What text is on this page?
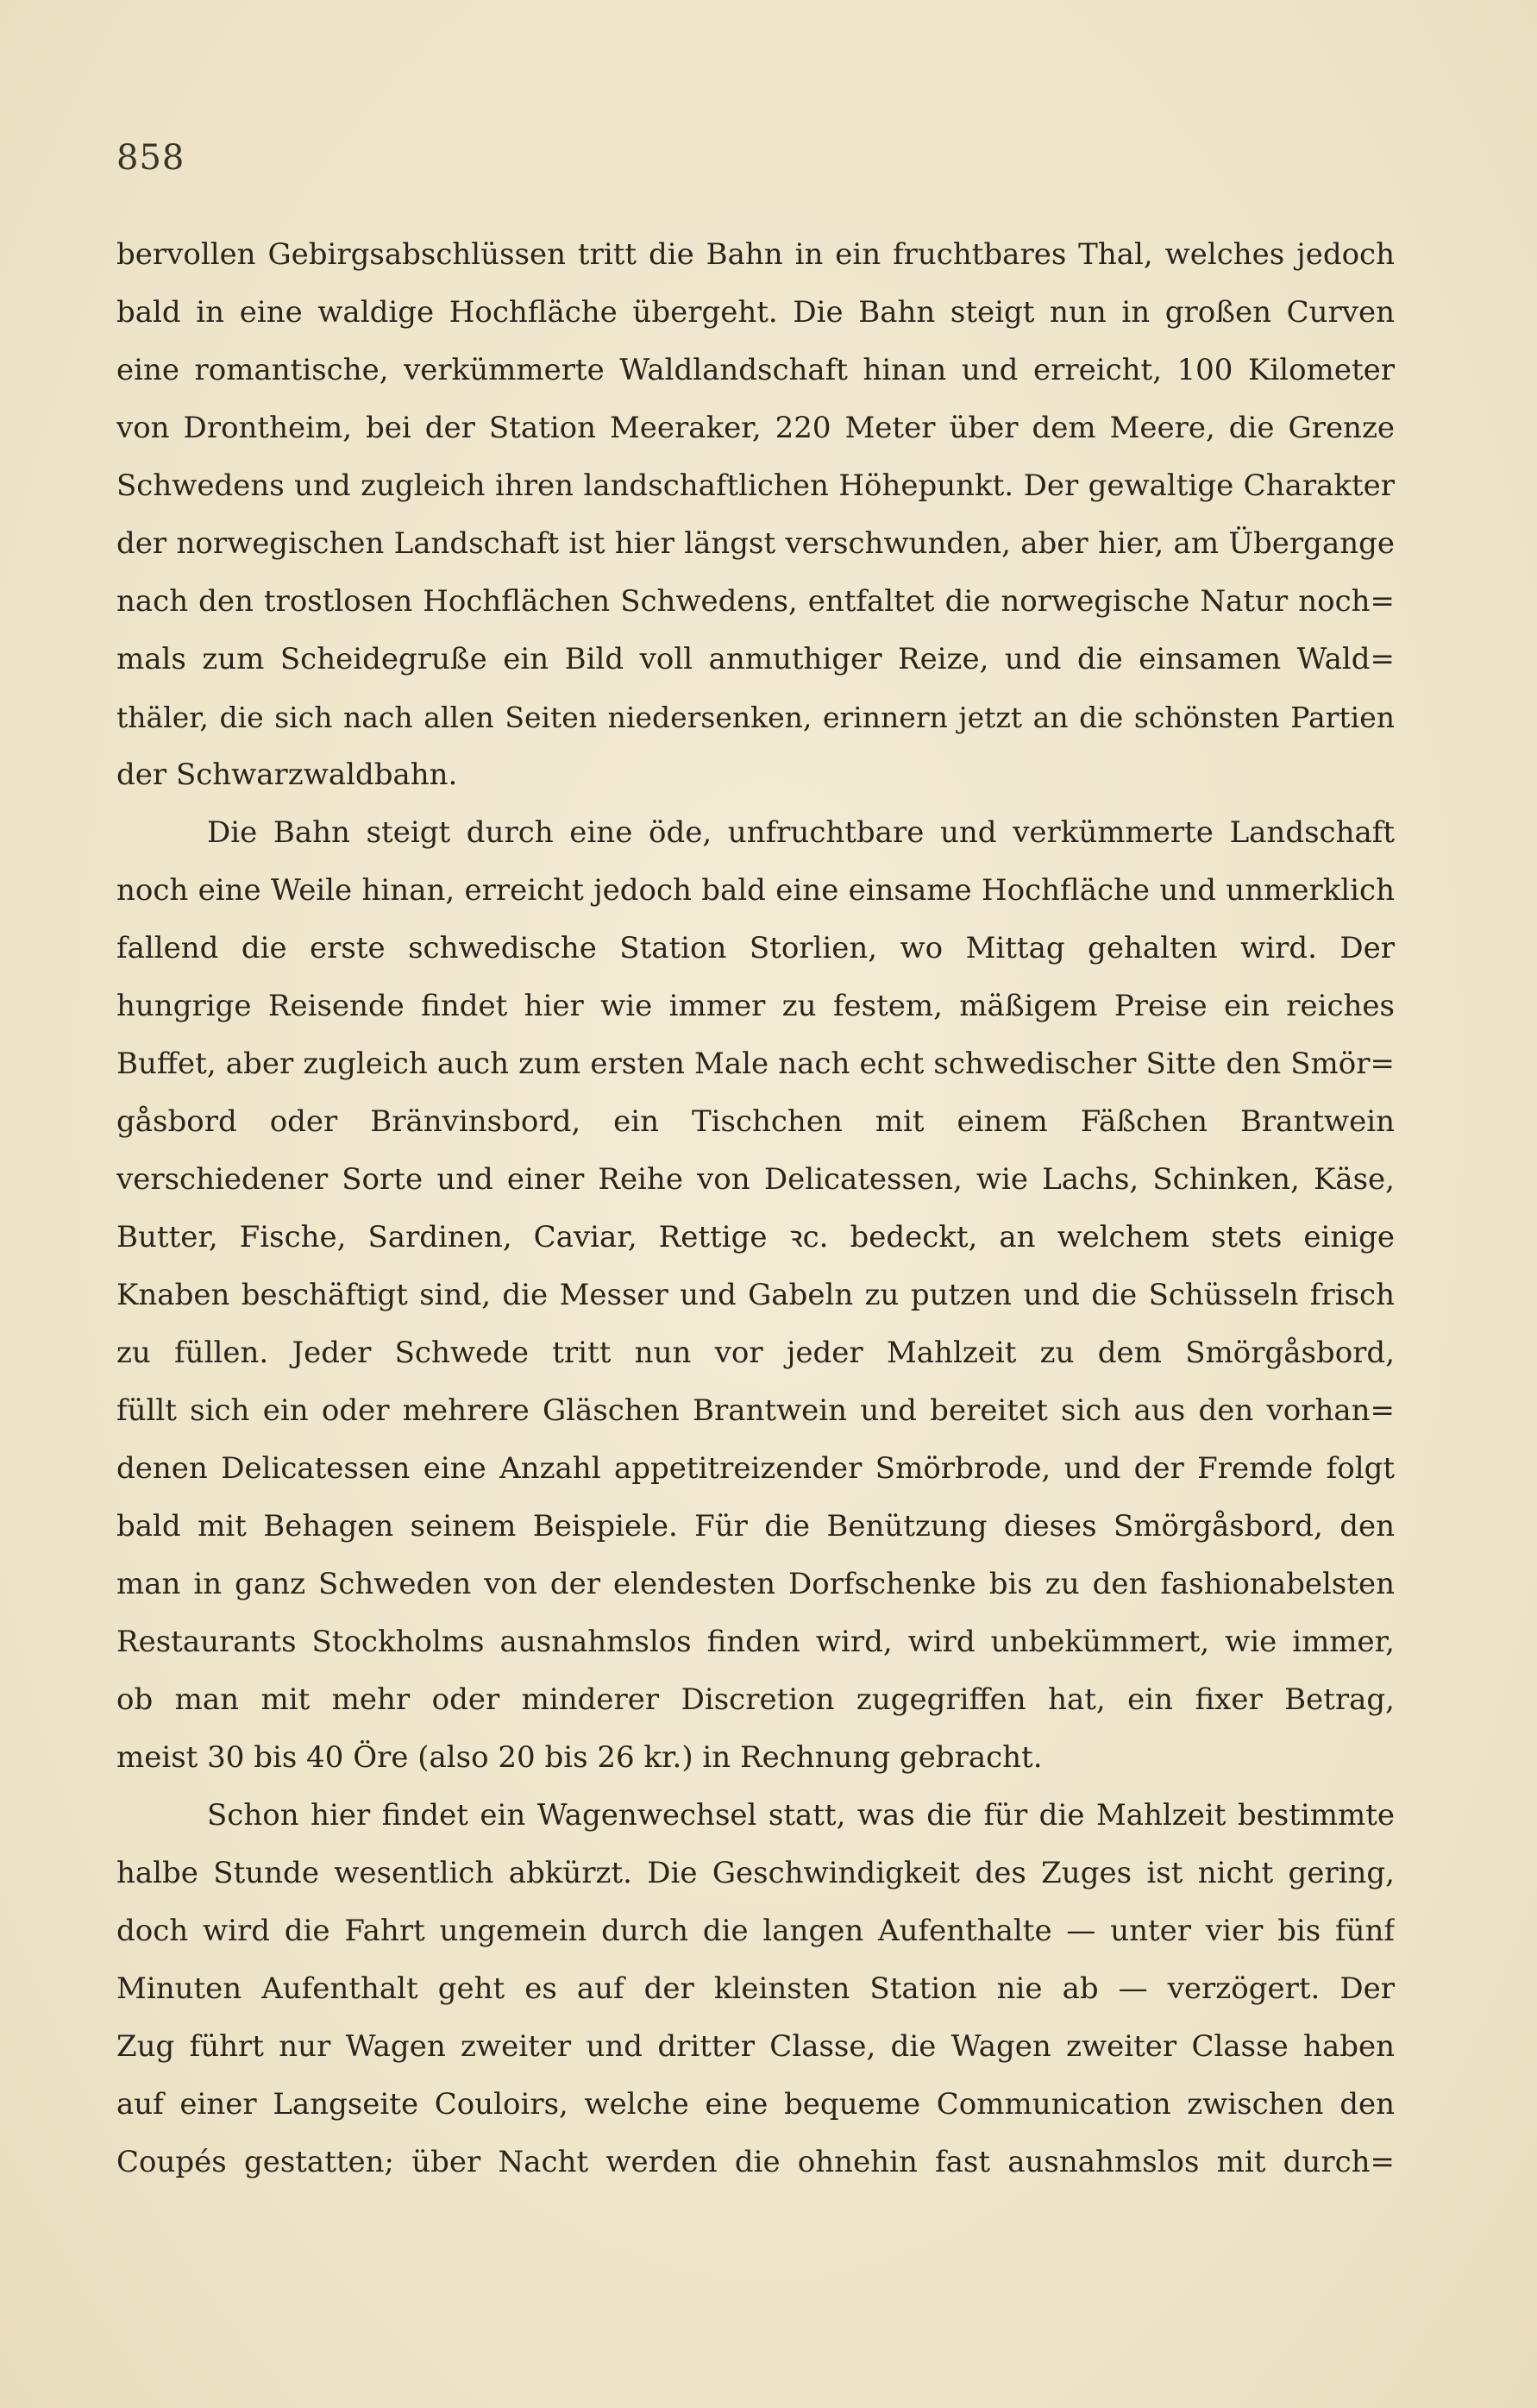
858
bervollen Gebirgsabschlüssen tritt die Bahn in ein fruchtbares Thal, welches jedoch
bald in eine waldige Hochfläche übergeht. Die Bahn steigt nun in großen Curven
eine romantische, verkümmerte Waldlandschaft hinan und erreicht, 100 Kilometer
von Drontheim, bei der Station Meeraker, 220 Meter über dem Meere, die Grenze
Schwedens und zugleich ihren landschaftlichen Höhepunkt. Der gewaltige Charakter
der norwegischen Landschaft ist hier längst verschwunden, aber hier, am Übergange
nach den trostlosen Hochflächen Schwedens, entfaltet die norwegische Natur noch=
mals zum Scheidegruße ein Bild voll anmuthiger Reize, und die einsamen Wald=
thäler, die sich nach allen Seiten niedersenken, erinnern jetzt an die schönsten Partien
der Schwarzwaldbahn.
Die Bahn steigt durch eine öde, unfruchtbare und verkümmerte Landschaft
noch eine Weile hinan, erreicht jedoch bald eine einsame Hochfläche und unmerklich
fallend die erste schwedische Station Storlien, wo Mittag gehalten wird. Der
hungrige Reisende findet hier wie immer zu festem, mäßigem Preise ein reiches
Buffet, aber zugleich auch zum ersten Male nach echt schwedischer Sitte den Smör=
gåsbord oder Bränvinsbord, ein Tischchen mit einem Fäßchen Brantwein
verschiedener Sorte und einer Reihe von Delicatessen, wie Lachs, Schinken, Käse,
Butter, Fische, Sardinen, Caviar, Rettige ꝛc. bedeckt, an welchem stets einige
Knaben beschäftigt sind, die Messer und Gabeln zu putzen und die Schüsseln frisch
zu füllen. Jeder Schwede tritt nun vor jeder Mahlzeit zu dem Smörgåsbord,
füllt sich ein oder mehrere Gläschen Brantwein und bereitet sich aus den vorhan=
denen Delicatessen eine Anzahl appetitreizender Smörbrode, und der Fremde folgt
bald mit Behagen seinem Beispiele. Für die Benützung dieses Smörgåsbord, den
man in ganz Schweden von der elendesten Dorfschenke bis zu den fashionabelsten
Restaurants Stockholms ausnahmslos finden wird, wird unbekümmert, wie immer,
ob man mit mehr oder minderer Discretion zugegriffen hat, ein fixer Betrag,
meist 30 bis 40 Öre (also 20 bis 26 kr.) in Rechnung gebracht.
Schon hier findet ein Wagenwechsel statt, was die für die Mahlzeit bestimmte
halbe Stunde wesentlich abkürzt. Die Geschwindigkeit des Zuges ist nicht gering,
doch wird die Fahrt ungemein durch die langen Aufenthalte — unter vier bis fünf
Minuten Aufenthalt geht es auf der kleinsten Station nie ab — verzögert. Der
Zug führt nur Wagen zweiter und dritter Classe, die Wagen zweiter Classe haben
auf einer Langseite Couloirs, welche eine bequeme Communication zwischen den
Coupés gestatten; über Nacht werden die ohnehin fast ausnahmslos mit durch=
